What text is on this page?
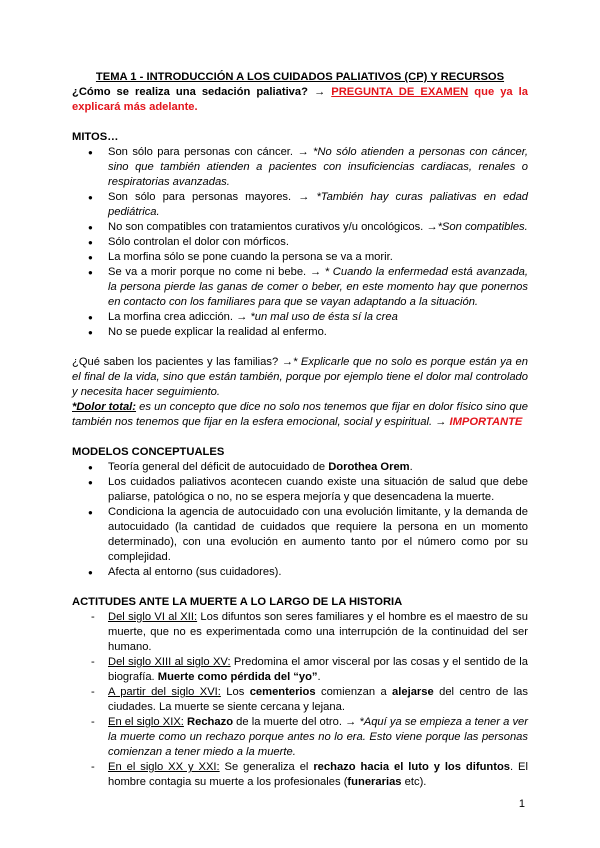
TEMA 1 - INTRODUCCIÓN A LOS CUIDADOS PALIATIVOS (CP) Y RECURSOS
¿Cómo se realiza una sedación paliativa? → PREGUNTA DE EXAMEN que ya la explicará más adelante.
MITOS…
● Son sólo para personas con cáncer. → *No sólo atienden a personas con cáncer, sino que también atienden a pacientes con insuficiencias cardiacas, renales o respiratorias avanzadas.
● Son sólo para personas mayores. → *También hay curas paliativas en edad pediátrica.
● No son compatibles con tratamientos curativos y/u oncológicos. →*Son compatibles.
● Sólo controlan el dolor con mórficos.
● La morfina sólo se pone cuando la persona se va a morir.
● Se va a morir porque no come ni bebe. → * Cuando la enfermedad está avanzada, la persona pierde las ganas de comer o beber, en este momento hay que ponernos en contacto con los familiares para que se vayan adaptando a la situación.
● La morfina crea adicción. → *un mal uso de ésta sí la crea
● No se puede explicar la realidad al enfermo.
¿Qué saben los pacientes y las familias? →* Explicarle que no solo es porque están ya en el final de la vida, sino que están también, porque por ejemplo tiene el dolor mal controlado y necesita hacer seguimiento.
*Dolor total: es un concepto que dice no solo nos tenemos que fijar en dolor físico sino que también nos tenemos que fijar en la esfera emocional, social y espiritual. → IMPORTANTE
MODELOS CONCEPTUALES
● Teoría general del déficit de autocuidado de Dorothea Orem.
● Los cuidados paliativos acontecen cuando existe una situación de salud que debe paliarse, patológica o no, no se espera mejoría y que desencadena la muerte.
● Condiciona la agencia de autocuidado con una evolución limitante, y la demanda de autocuidado (la cantidad de cuidados que requiere la persona en un momento determinado), con una evolución en aumento tanto por el número como por su complejidad.
● Afecta al entorno (sus cuidadores).
ACTITUDES ANTE LA MUERTE A LO LARGO DE LA HISTORIA
- Del siglo VI al XII: Los difuntos son seres familiares y el hombre es el maestro de su muerte, que no es experimentada como una interrupción de la continuidad del ser humano.
- Del siglo XIII al siglo XV: Predomina el amor visceral por las cosas y el sentido de la biografía. Muerte como pérdida del “yo”.
- A partir del siglo XVI: Los cementerios comienzan a alejarse del centro de las ciudades. La muerte se siente cercana y lejana.
- En el siglo XIX: Rechazo de la muerte del otro. → *Aquí ya se empieza a tener a ver la muerte como un rechazo porque antes no lo era. Esto viene porque las personas comienzan a tener miedo a la muerte.
- En el siglo XX y XXI: Se generaliza el rechazo hacia el luto y los difuntos. El hombre contagia su muerte a los profesionales (funerarias etc).
1
